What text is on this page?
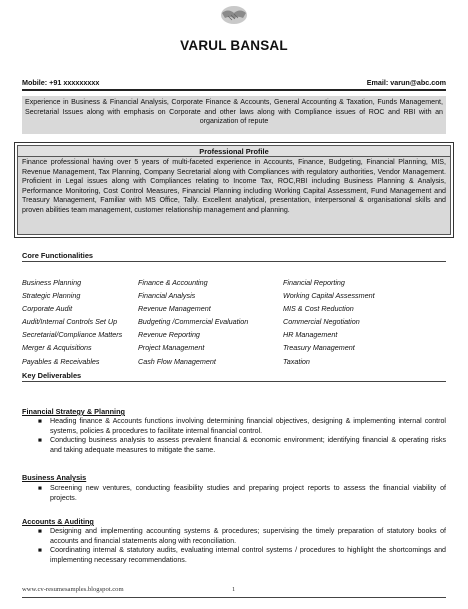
VARUL BANSAL
Mobile: +91 xxxxxxxxx	Email: varun@abc.com

Experience in Business & Financial Analysis, Corporate Finance & Accounts, General Accounting & Taxation, Funds Management, Secretarial Issues along with emphasis on Corporate and other laws along with Compliance issues of ROC and RBI with an organization of repute

Professional Profile
Finance professional having over 5 years of multi-faceted experience in Accounts, Finance, Budgeting, Financial Planning, MIS, Revenue Management, Tax Planning, Company Secretarial along with Compliances with regulatory authorities, Vendor Management. Proficient in Legal issues along with Compliances relating to Income Tax, ROC,RBI including Business Planning & Analysis, Performance Monitoring, Cost Control Measures, Financial Planning including Working Capital Assessment, Fund Management and Treasury Management, Familiar with MS Office, Tally. Excellent analytical, presentation, interpersonal & organisational skills and proven abilities team management, customer relationship management and planning.
Core Functionalities
Business Planning
Strategic Planning
Corporate Audit
Audit/Internal Controls Set Up
Secretarial/Compliance Matters
Merger & Acquisitions
Payables & Receivables
Finance & Accounting
Financial Analysis
Revenue Management
Budgeting /Commercial Evaluation
Revenue Reporting
Project Management
Cash Flow Management
Financial Reporting
Working Capital Assessment
MIS & Cost Reduction
Commercial Negotiation
HR Management
Treasury Management
Taxation
Key Deliverables
Financial Strategy & Planning
■ Heading finance & Accounts functions involving determining financial objectives, designing & implementing internal control systems, policies & procedures to facilitate internal financial control.
■ Conducting business analysis to assess prevalent financial & economic environment; identifying financial & operating risks and taking adequate measures to mitigate the same.
Business Analysis
■ Screening new ventures, conducting feasibility studies and preparing project reports to assess the financial viability of projects.
Accounts & Auditing
■ Designing and implementing accounting systems & procedures; supervising the timely preparation of statutory books of accounts and financial statements along with reconciliation.
■ Coordinating internal & statutory audits, evaluating internal control systems / procedures to highlight the shortcomings and implementing necessary recommendations.
www.cv-resumesamples.blogspot.com	1
